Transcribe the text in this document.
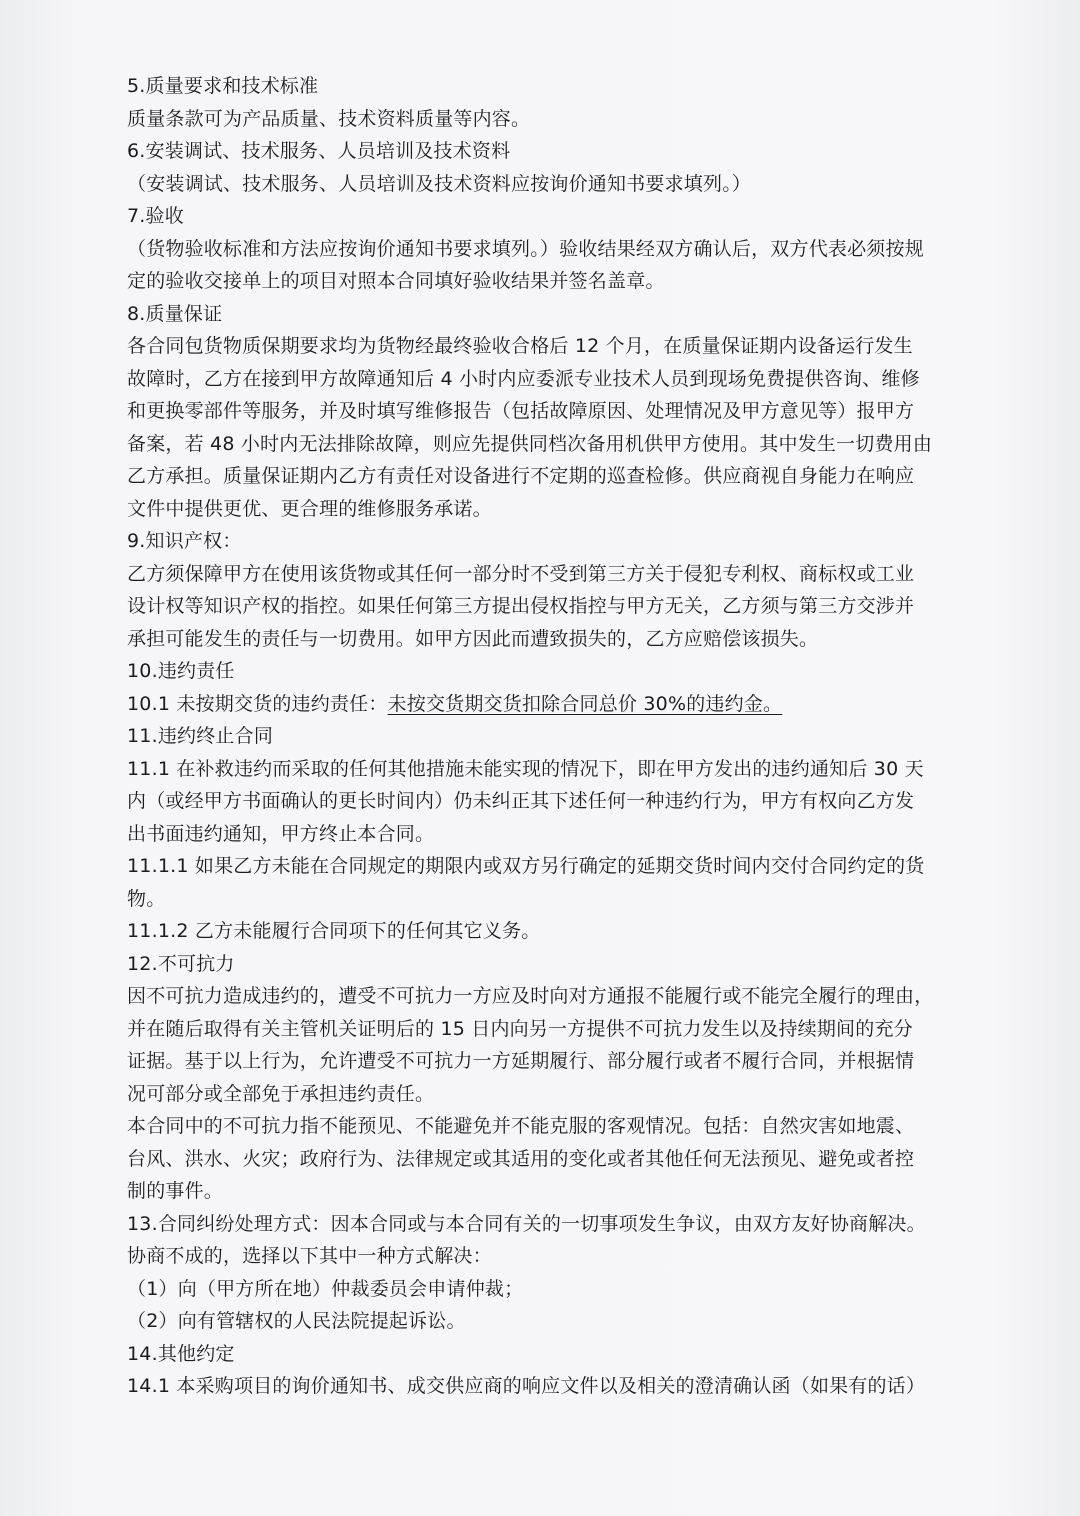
5.质量要求和技术标准
质量条款可为产品质量、技术资料质量等内容。
6.安装调试、技术服务、人员培训及技术资料
（安装调试、技术服务、人员培训及技术资料应按询价通知书要求填列。）
7.验收
（货物验收标准和方法应按询价通知书要求填列。）验收结果经双方确认后，双方代表必须按规
定的验收交接单上的项目对照本合同填好验收结果并签名盖章。
8.质量保证
各合同包货物质保期要求均为货物经最终验收合格后 12 个月，在质量保证期内设备运行发生
故障时，乙方在接到甲方故障通知后 4 小时内应委派专业技术人员到现场免费提供咨询、维修
和更换零部件等服务，并及时填写维修报告（包括故障原因、处理情况及甲方意见等）报甲方
备案，若 48 小时内无法排除故障，则应先提供同档次备用机供甲方使用。其中发生一切费用由
乙方承担。质量保证期内乙方有责任对设备进行不定期的巡查检修。供应商视自身能力在响应
文件中提供更优、更合理的维修服务承诺。
9.知识产权：
乙方须保障甲方在使用该货物或其任何一部分时不受到第三方关于侵犯专利权、商标权或工业
设计权等知识产权的指控。如果任何第三方提出侵权指控与甲方无关，乙方须与第三方交涉并
承担可能发生的责任与一切费用。如甲方因此而遭致损失的，乙方应赔偿该损失。
10.违约责任
10.1 未按期交货的违约责任：未按交货期交货扣除合同总价 30%的违约金。
11.违约终止合同
11.1 在补救违约而采取的任何其他措施未能实现的情况下，即在甲方发出的违约通知后 30 天
内（或经甲方书面确认的更长时间内）仍未纠正其下述任何一种违约行为，甲方有权向乙方发
出书面违约通知，甲方终止本合同。
11.1.1 如果乙方未能在合同规定的期限内或双方另行确定的延期交货时间内交付合同约定的货
物。
11.1.2 乙方未能履行合同项下的任何其它义务。
12.不可抗力
因不可抗力造成违约的，遭受不可抗力一方应及时向对方通报不能履行或不能完全履行的理由，
并在随后取得有关主管机关证明后的 15 日内向另一方提供不可抗力发生以及持续期间的充分
证据。基于以上行为，允许遭受不可抗力一方延期履行、部分履行或者不履行合同，并根据情
况可部分或全部免于承担违约责任。
本合同中的不可抗力指不能预见、不能避免并不能克服的客观情况。包括：自然灾害如地震、
台风、洪水、火灾；政府行为、法律规定或其适用的变化或者其他任何无法预见、避免或者控
制的事件。
13.合同纠纷处理方式：因本合同或与本合同有关的一切事项发生争议，由双方友好协商解决。
协商不成的，选择以下其中一种方式解决：
（1）向（甲方所在地）仲裁委员会申请仲裁；
（2）向有管辖权的人民法院提起诉讼。
14.其他约定
14.1 本采购项目的询价通知书、成交供应商的响应文件以及相关的澄清确认函（如果有的话）
